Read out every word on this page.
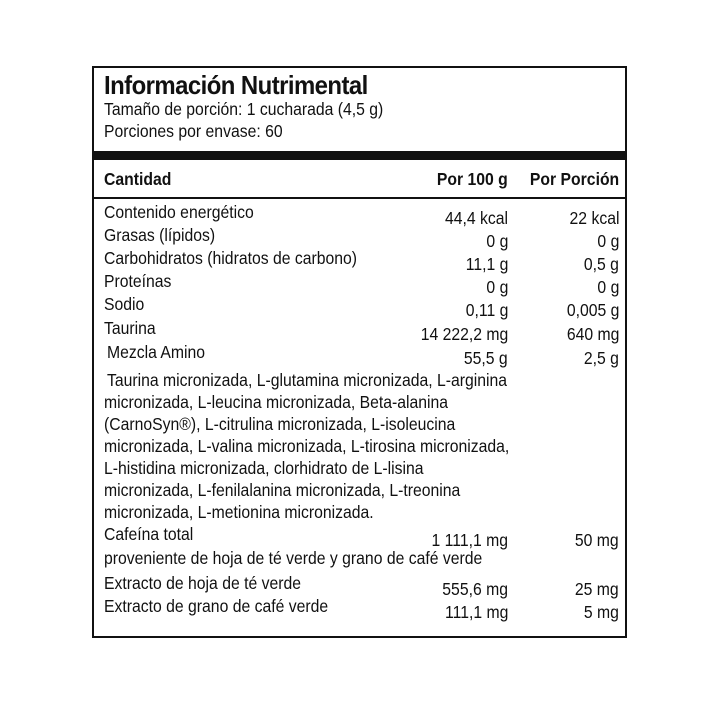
Información Nutrimental
Tamaño de porción: 1 cucharada (4,5 g)
Porciones por envase: 60
Cantidad	Por 100 g Por Porción
Contenido energético	44,4 kcal	22 kcal
Grasas (lípidos)	0 g	0 g
Carbohidratos (hidratos de carbono)	11,1 g	0,5 g
Proteínas	0 g	0 g
Sodio	0,11 g	0,005 g
Taurina	14 222,2 mg	640 mg
Mezcla Amino	55,5 g	2,5 g
Taurina micronizada, L-glutamina micronizada, L-arginina
micronizada, L-leucina micronizada, Beta-alanina
(CarnoSyn®), L-citrulina micronizada, L-isoleucina
micronizada, L-valina micronizada, L-tirosina micronizada,
L-histidina micronizada, clorhidrato de L-lisina
micronizada, L-fenilalanina micronizada, L-treonina
micronizada, L-metionina micronizada.
Cafeína total	1 111,1 mg	50 mg
proveniente de hoja de té verde y grano de café verde
Extracto de hoja de té verde	555,6 mg	25 mg
Extracto de grano de café verde	111,1 mg	5 mg
